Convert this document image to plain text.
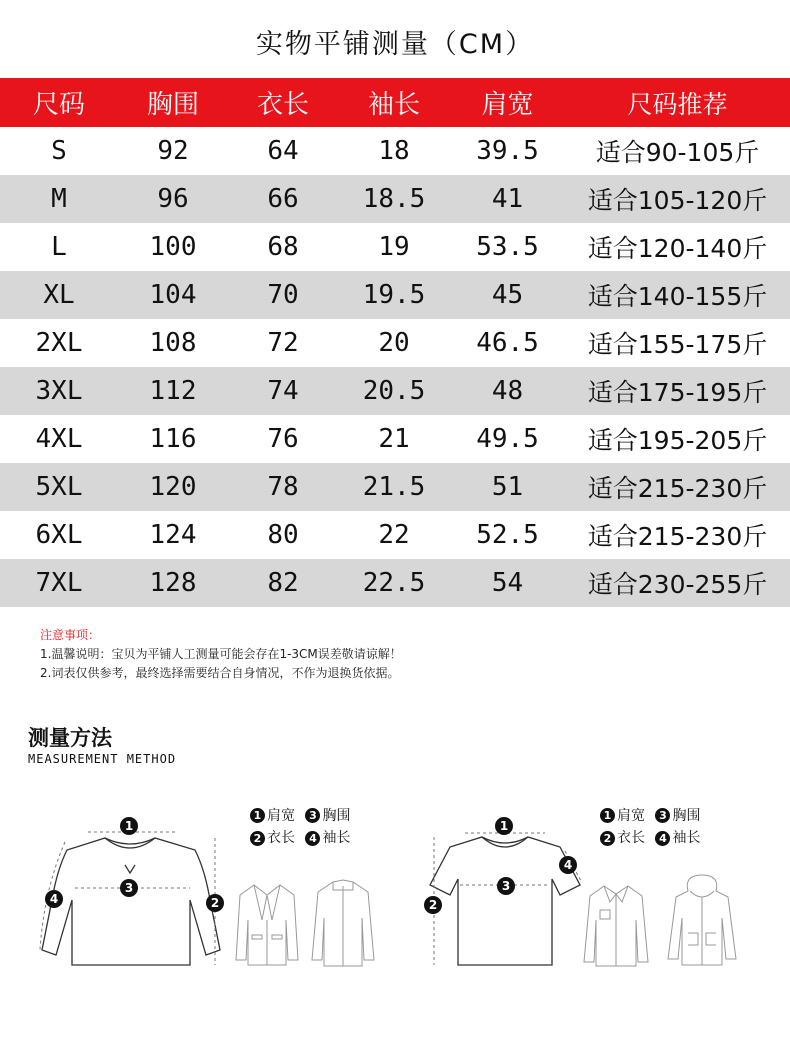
实物平铺测量（CM）
尺码	胸围	衣长	袖长	肩宽	尺码推荐
S	92	64	18	39.5	适合90-105斤
M	96	66	18.5	41	适合105-120斤
L	100	68	19	53.5	适合120-140斤
XL	104	70	19.5	45	适合140-155斤
2XL	108	72	20	46.5	适合155-175斤
3XL	112	74	20.5	48	适合175-195斤
4XL	116	76	21	49.5	适合195-205斤
5XL	120	78	21.5	51	适合215-230斤
6XL	124	80	22	52.5	适合215-230斤
7XL	128	82	22.5	54	适合230-255斤
注意事项：
1.温馨说明：宝贝为平铺人工测量可能会存在1-3CM误差敬请谅解！
2.词表仅供参考，最终选择需要结合自身情况，不作为退换货依据。
测量方法
MEASUREMENT METHOD
1
3
2
4
1 肩宽
	3 胸围
2 衣长
	4 袖长
1
3
2
4
1 肩宽
	3 胸围
2 衣长
	4 袖长
